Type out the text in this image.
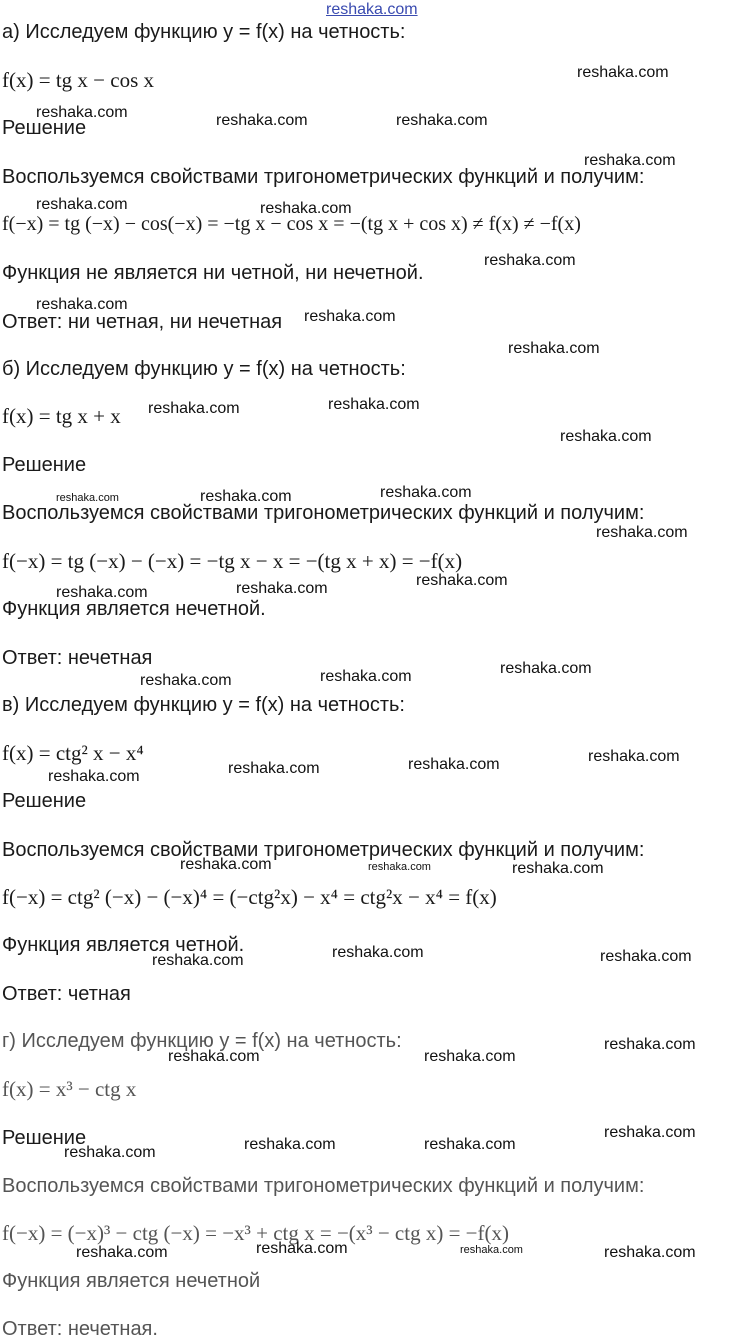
reshaka.com
а) Исследуем функцию y = f(x) на четность:
f(x) = tg x − cos x
Решение
Воспользуемся свойствами тригонометрических функций и получим:
f(−x) = tg (−x) − cos(−x) = −tg x − cos x = −(tg x + cos x) ≠ f(x) ≠ −f(x)
Функция не является ни четной, ни нечетной.
Ответ: ни четная, ни нечетная
б) Исследуем функцию y = f(x) на четность:
f(x) = tg x + x
Решение
Воспользуемся свойствами тригонометрических функций и получим:
f(−x) = tg (−x) − (−x) = −tg x − x = −(tg x + x) = −f(x)
Функция является нечетной.
Ответ: нечетная
в) Исследуем функцию y = f(x) на четность:
f(x) = ctg² x − x⁴
Решение
Воспользуемся свойствами тригонометрических функций и получим:
f(−x) = ctg² (−x) − (−x)⁴ = (−ctg²x) − x⁴ = ctg²x − x⁴ = f(x)
Функция является четной.
Ответ: четная
г) Исследуем функцию y = f(x) на четность:
f(x) = x³ − ctg x
Решение
Воспользуемся свойствами тригонометрических функций и получим:
f(−x) = (−x)³ − ctg (−x) = −x³ + ctg x = −(x³ − ctg x) = −f(x)
Функция является нечетной
Ответ: нечетная.
reshaka.com
reshaka.com	reshaka.com	reshaka.com
reshaka.com
reshaka.com	reshaka.com
reshaka.com
reshaka.com
reshaka.com
reshaka.com
reshaka.com	reshaka.com
reshaka.com
reshaka.com	reshaka.com	reshaka.com
reshaka.com
reshaka.com	reshaka.com	reshaka.com
reshaka.com
reshaka.com	reshaka.com
reshaka.com
reshaka.com	reshaka.com	reshaka.com
reshaka.com	reshaka.com	reshaka.com
reshaka.com	reshaka.com	reshaka.com
reshaka.com	reshaka.com
reshaka.com
reshaka.com	reshaka.com	reshaka.com
reshaka.com
reshaka.com	reshaka.com	reshaka.com	reshaka.com
